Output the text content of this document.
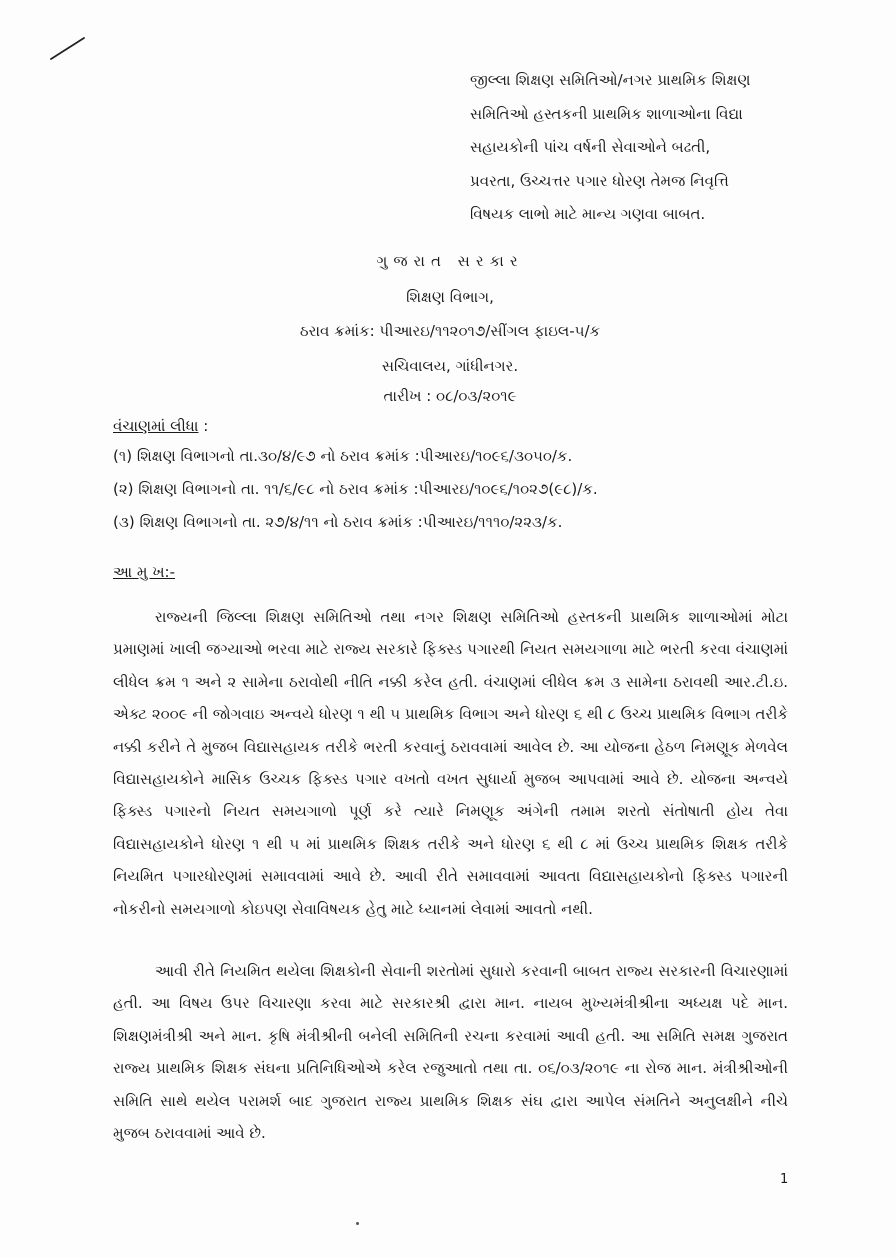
જીલ્લા શિક્ષણ સમિતિઓ/નગર પ્રાથમિક શિક્ષણ
સમિતિઓ હસ્તકની પ્રાથમિક શાળાઓના વિદ્યા
સહાયકોની પાંચ વર્ષની સેવાઓને બઢતી,
પ્રવરતા, ઉચ્ચત્તર પગાર ધોરણ તેમજ નિવૃત્તિ
વિષયક લાભો માટે માન્ય ગણવા બાબત.
ગુજરાત સરકાર
શિક્ષણ વિભાગ,
ઠરાવ ક્રમાંક: પીઆરઇ/૧૧૨૦૧૭/સીંગલ ફાઇલ-૫/ક
સચિવાલય, ગાંધીનગર.
તારીખ : ૦૮/૦૩/૨૦૧૯
વંચાણમાં લીધા :
(૧) શિક્ષણ વિભાગનો તા.૩૦/૪/૯૭ નો ઠરાવ ક્રમાંક :પીઆરઇ/૧૦૯૬/૩૦૫૦/ક.
(૨) શિક્ષણ વિભાગનો તા. ૧૧/૬/૯૮ નો ઠરાવ ક્રમાંક :પીઆરઇ/૧૦૯૬/૧૦૨૭(૯૮)/ક.
(૩) શિક્ષણ વિભાગનો તા. ૨૭/૪/૧૧ નો ઠરાવ ક્રમાંક :પીઆરઇ/૧૧૧૦/૨૨૩/ક.
આ મુ ખ:-

રાજ્યની જિલ્લા શિક્ષણ સમિતિઓ તથા નગર શિક્ષણ સમિતિઓ હસ્તકની પ્રાથમિક શાળાઓમાં મોટા પ્રમાણમાં ખાલી જગ્યાઓ ભરવા માટે રાજ્ય સરકારે ફિક્સ્ડ પગારથી નિયત સમયગાળા માટે ભરતી કરવા વંચાણમાં લીધેલ ક્રમ ૧ અને ૨ સામેના ઠરાવોથી નીતિ નક્કી કરેલ હતી. વંચાણમાં લીધેલ ક્રમ ૩ સામેના ઠરાવથી આર.ટી.ઇ. એક્ટ ૨૦૦૯ ની જોગવાઇ અન્વયે ધોરણ ૧ થી ૫ પ્રાથમિક વિભાગ અને ધોરણ ૬ થી ૮ ઉચ્ચ પ્રાથમિક વિભાગ તરીકે નક્કી કરીને તે મુજબ વિદ્યાસહાયક તરીકે ભરતી કરવાનું ઠરાવવામાં આવેલ છે. આ યોજના હેઠળ નિમણૂક મેળવેલ વિદ્યાસહાયકોને માસિક ઉચ્ચક ફિક્સ્ડ પગાર વખતો વખત સુધાર્યા મુજબ આપવામાં આવે છે. યોજના અન્વયે ફિક્સ્ડ પગારનો નિયત સમયગાળો પૂર્ણ કરે ત્યારે નિમણૂક અંગેની તમામ શરતો સંતોષાતી હોય તેવા વિદ્યાસહાયકોને ધોરણ ૧ થી ૫ માં પ્રાથમિક શિક્ષક તરીકે અને ધોરણ ૬ થી ૮ માં ઉચ્ચ પ્રાથમિક શિક્ષક તરીકે નિયમિત પગારધોરણમાં સમાવવામાં આવે છે. આવી રીતે સમાવવામાં આવતા વિદ્યાસહાયકોનો ફિક્સ્ડ પગારની નોકરીનો સમયગાળો કોઇપણ સેવાવિષયક હેતુ માટે ધ્યાનમાં લેવામાં આવતો નથી.

આવી રીતે નિયમિત થયેલા શિક્ષકોની સેવાની શરતોમાં સુધારો કરવાની બાબત રાજ્ય સરકારની વિચારણામાં હતી. આ વિષય ઉપર વિચારણા કરવા માટે સરકારશ્રી દ્વારા માન. નાયબ મુખ્યમંત્રીશ્રીના અધ્યક્ષ પદે માન. શિક્ષણમંત્રીશ્રી અને માન. કૃષિ મંત્રીશ્રીની બનેલી સમિતિની રચના કરવામાં આવી હતી. આ સમિતિ સમક્ષ ગુજરાત રાજ્ય પ્રાથમિક શિક્ષક સંઘના પ્રતિનિધિઓએ કરેલ રજુઆતો તથા તા. ૦૬/૦૩/૨૦૧૯ ના રોજ માન. મંત્રીશ્રીઓની સમિતિ સાથે થયેલ પરામર્શ બાદ ગુજરાત રાજ્ય પ્રાથમિક શિક્ષક સંઘ દ્વારા આપેલ સંમતિને અનુલક્ષીને નીચે મુજબ ઠરાવવામાં આવે છે.

1
